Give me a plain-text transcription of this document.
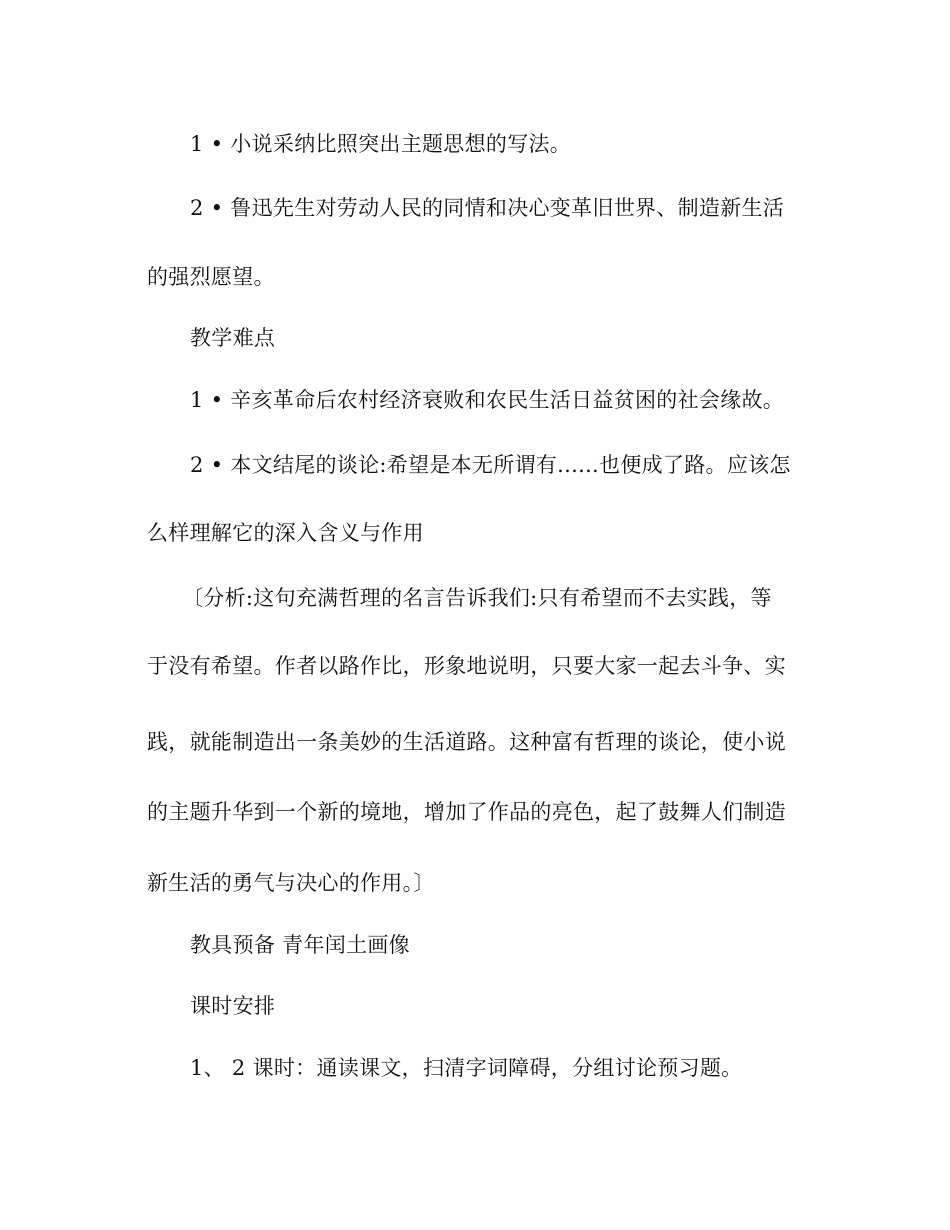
1 • 小说采纳比照突出主题思想的写法。
2 • 鲁迅先生对劳动人民的同情和决心变革旧世界、制造新生活
的强烈愿望。
教学难点
1 • 辛亥革命后农村经济衰败和农民生活日益贫困的社会缘故。
2 • 本文结尾的谈论:希望是本无所谓有......也便成了路。应该怎
么样理解它的深入含义与作用
〔分析:这句充满哲理的名言告诉我们:只有希望而不去实践，等
于没有希望。作者以路作比，形象地说明，只要大家一起去斗争、实
践，就能制造出一条美妙的生活道路。这种富有哲理的谈论，使小说
的主题升华到一个新的境地，增加了作品的亮色，起了鼓舞人们制造
新生活的勇气与决心的作用。〕
教具预备 青年闰土画像
课时安排
1、 2 课时：通读课文，扫清字词障碍，分组讨论预习题。
